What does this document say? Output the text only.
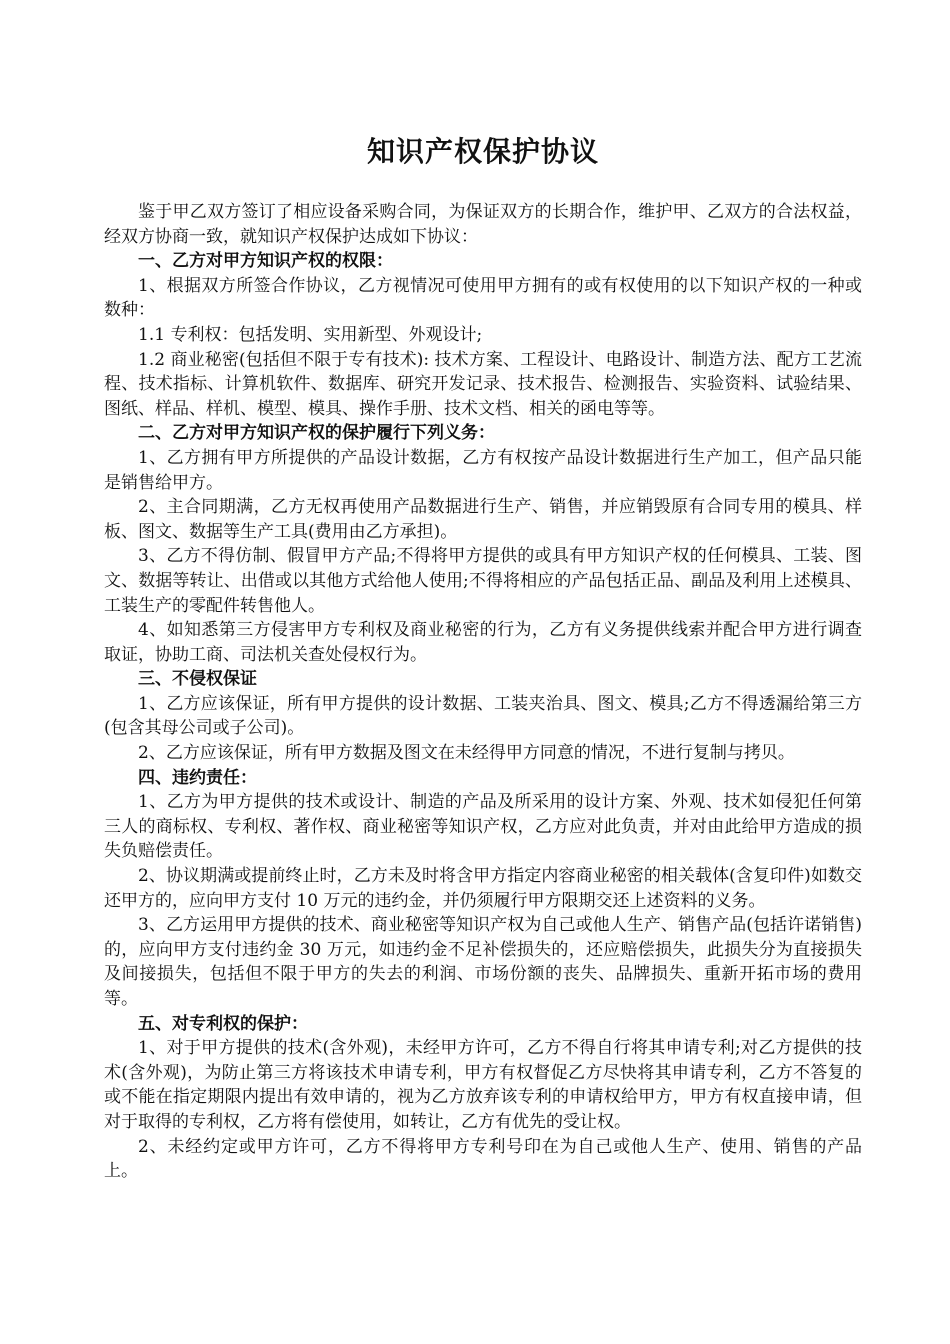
知识产权保护协议

鉴于甲乙双方签订了相应设备采购合同，为保证双方的长期合作，维护甲、乙双方的合法权益，经双方协商一致，就知识产权保护达成如下协议：

一、乙方对甲方知识产权的权限：

1、根据双方所签合作协议，乙方视情况可使用甲方拥有的或有权使用的以下知识产权的一种或数种：

1.1 专利权：包括发明、实用新型、外观设计;

1.2 商业秘密(包括但不限于专有技术): 技术方案、工程设计、电路设计、制造方法、配方工艺流程、技术指标、计算机软件、数据库、研究开发记录、技术报告、检测报告、实验资料、试验结果、图纸、样品、样机、模型、模具、操作手册、技术文档、相关的函电等等。

二、乙方对甲方知识产权的保护履行下列义务：

1、乙方拥有甲方所提供的产品设计数据，乙方有权按产品设计数据进行生产加工，但产品只能是销售给甲方。

2、主合同期满，乙方无权再使用产品数据进行生产、销售，并应销毁原有合同专用的模具、样板、图文、数据等生产工具(费用由乙方承担)。

3、乙方不得仿制、假冒甲方产品;不得将甲方提供的或具有甲方知识产权的任何模具、工装、图文、数据等转让、出借或以其他方式给他人使用;不得将相应的产品包括正品、副品及利用上述模具、工装生产的零配件转售他人。

4、如知悉第三方侵害甲方专利权及商业秘密的行为，乙方有义务提供线索并配合甲方进行调查取证，协助工商、司法机关查处侵权行为。

三、不侵权保证

1、乙方应该保证，所有甲方提供的设计数据、工装夹治具、图文、模具;乙方不得透漏给第三方(包含其母公司或子公司)。

2、乙方应该保证，所有甲方数据及图文在未经得甲方同意的情况，不进行复制与拷贝。

四、违约责任：

1、乙方为甲方提供的技术或设计、制造的产品及所采用的设计方案、外观、技术如侵犯任何第三人的商标权、专利权、著作权、商业秘密等知识产权，乙方应对此负责，并对由此给甲方造成的损失负赔偿责任。

2、协议期满或提前终止时，乙方未及时将含甲方指定内容商业秘密的相关载体(含复印件)如数交还甲方的，应向甲方支付 10 万元的违约金，并仍须履行甲方限期交还上述资料的义务。

3、乙方运用甲方提供的技术、商业秘密等知识产权为自己或他人生产、销售产品(包括许诺销售)的，应向甲方支付违约金 30 万元，如违约金不足补偿损失的，还应赔偿损失，此损失分为直接损失及间接损失，包括但不限于甲方的失去的利润、市场份额的丧失、品牌损失、重新开拓市场的费用等。

五、对专利权的保护：

1、对于甲方提供的技术(含外观)，未经甲方许可，乙方不得自行将其申请专利;对乙方提供的技术(含外观)，为防止第三方将该技术申请专利，甲方有权督促乙方尽快将其申请专利，乙方不答复的或不能在指定期限内提出有效申请的，视为乙方放弃该专利的申请权给甲方，甲方有权直接申请，但对于取得的专利权，乙方将有偿使用，如转让，乙方有优先的受让权。

2、未经约定或甲方许可，乙方不得将甲方专利号印在为自己或他人生产、使用、销售的产品上。
